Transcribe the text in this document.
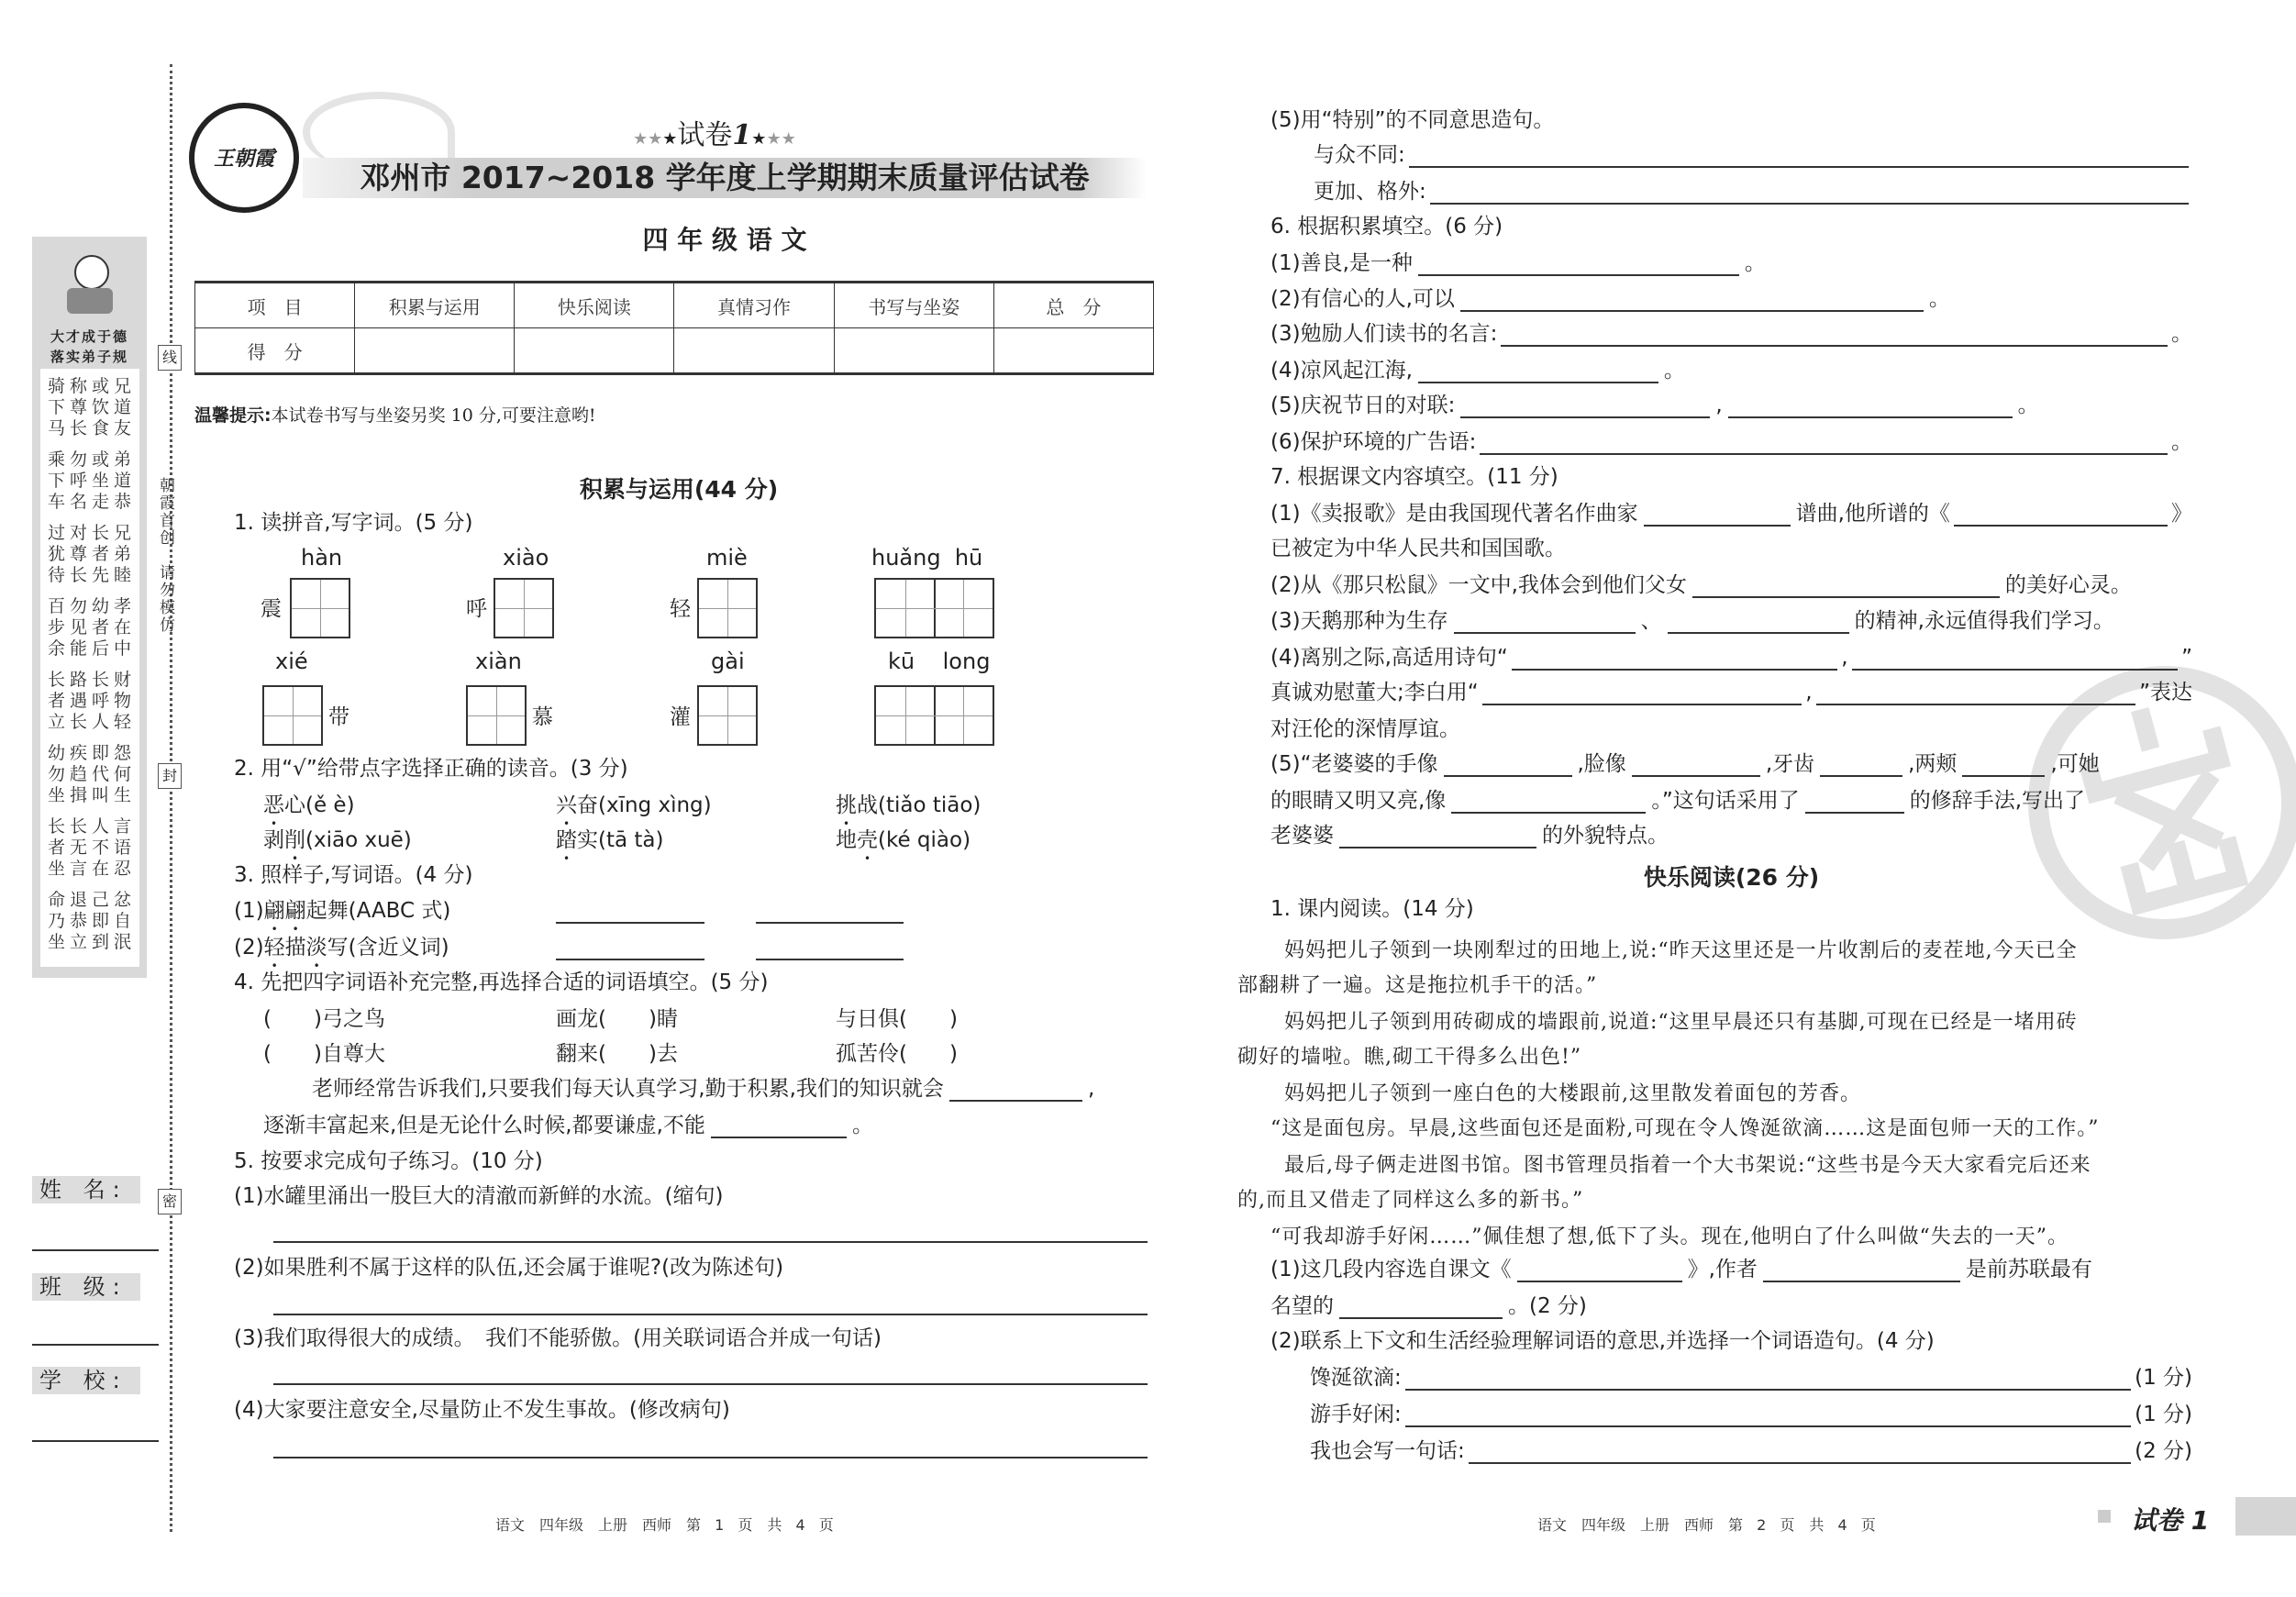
大才成于德
落实弟子规
骑称或兄
下尊饮道
马长食友
乘勿或弟
下呼坐道
车名走恭
过对长兄
犹尊者弟
待长先睦
百勿幼孝
步见者在
余能后中
长路长财
者遇呼物
立长人轻
幼疾即怨
勿趋代何
坐揖叫生
长长人言
者无不语
坐言在忍
命退己忿
乃恭即自
坐立到泯
姓 名:
班 级:
学 校:
线
封
密
朝霞首创　请勿模仿
王朝霞
★★★试卷1★★★
邓州市 2017~2018 学年度上学期期末质量评估试卷
四 年 级 语 文
项　目	积累与运用	快乐阅读	真情习作	书写与坐姿	总　分
得　分					
温馨提示:本试卷书写与坐姿另奖 10 分,可要注意哟!
积累与运用(44 分)
1. 读拼音,写字词。(5 分)
hàn	xiào	miè	huǎng  hū
震	呼	轻
xié	xiàn	gài	kū    long
带	慕	灌
2. 用“√”给带点字选择正确的读音。(3 分)
恶心(ě è)	兴奋(xīng xìng)	挑战(tiǎo tiāo)
剥削(xiāo xuē)	踏实(tā tà)	地壳(ké qiào)
3. 照样子,写词语。(4 分)
(1)翩翩起舞(AABC 式)
(2)轻描淡写(含近义词)
4. 先把四字词语补充完整,再选择合适的词语填空。(5 分)
(　　)弓之鸟	画龙(　　)睛	与日俱(　　)
(　　)自尊大	翻来(　　)去	孤苦伶(　　)
老师经常告诉我们,只要我们每天认真学习,勤于积累,我们的知识就会	,
逐渐丰富起来,但是无论什么时候,都要谦虚,不能	。
5. 按要求完成句子练习。(10 分)
(1)水罐里涌出一股巨大的清澈而新鲜的水流。(缩句)
(2)如果胜利不属于这样的队伍,还会属于谁呢?(改为陈述句)
(3)我们取得很大的成绩。　我们不能骄傲。(用关联词语合并成一句话)
(4)大家要注意安全,尽量防止不发生事故。(修改病句)
语文　四年级　上册　西师　第 1 页　共 4 页
(5)用“特别”的不同意思造句。
与众不同:
更加、格外:
6. 根据积累填空。(6 分)
(1)善良,是一种	。
(2)有信心的人,可以	。
(3)勉励人们读书的名言:	。
(4)凉风起江海,	。
(5)庆祝节日的对联:	,	。
(6)保护环境的广告语:	。
7. 根据课文内容填空。(11 分)
(1)《卖报歌》是由我国现代著名作曲家	谱曲,他所谱的《	》
已被定为中华人民共和国国歌。
(2)从《那只松鼠》一文中,我体会到他们父女	的美好心灵。
(3)天鹅那种为生存	、	的精神,永远值得我们学习。
(4)离别之际,高适用诗句“	,	”
真诚劝慰董大;李白用“	,	”表达
对汪伦的深情厚谊。
(5)“老婆婆的手像	,脸像	,牙齿	,两颊	,可她
的眼睛又明又亮,像	。”这句话采用了	的修辞手法,写出了
老婆婆	的外貌特点。
快乐阅读(26 分)
1. 课内阅读。(14 分)
妈妈把儿子领到一块刚犁过的田地上,说:“昨天这里还是一片收割后的麦茬地,今天已全
部翻耕了一遍。这是拖拉机手干的活。”
妈妈把儿子领到用砖砌成的墙跟前,说道:“这里早晨还只有基脚,可现在已经是一堵用砖
砌好的墙啦。瞧,砌工干得多么出色!”
妈妈把儿子领到一座白色的大楼跟前,这里散发着面包的芳香。
“这是面包房。早晨,这些面包还是面粉,可现在令人馋涎欲滴……这是面包师一天的工作。”
最后,母子俩走进图书馆。图书管理员指着一个大书架说:“这些书是今天大家看完后还来
的,而且又借走了同样这么多的新书。”
“可我却游手好闲……”佩佳想了想,低下了头。现在,他明白了什么叫做“失去的一天”。
(1)这几段内容选自课文《	》,作者	是前苏联最有
名望的	。(2 分)
(2)联系上下文和生活经验理解词语的意思,并选择一个词语造句。(4 分)
馋涎欲滴:	(1 分)
游手好闲:	(1 分)
我也会写一句话:	(2 分)
语文　四年级　上册　西师　第 2 页　共 4 页	试卷 1
